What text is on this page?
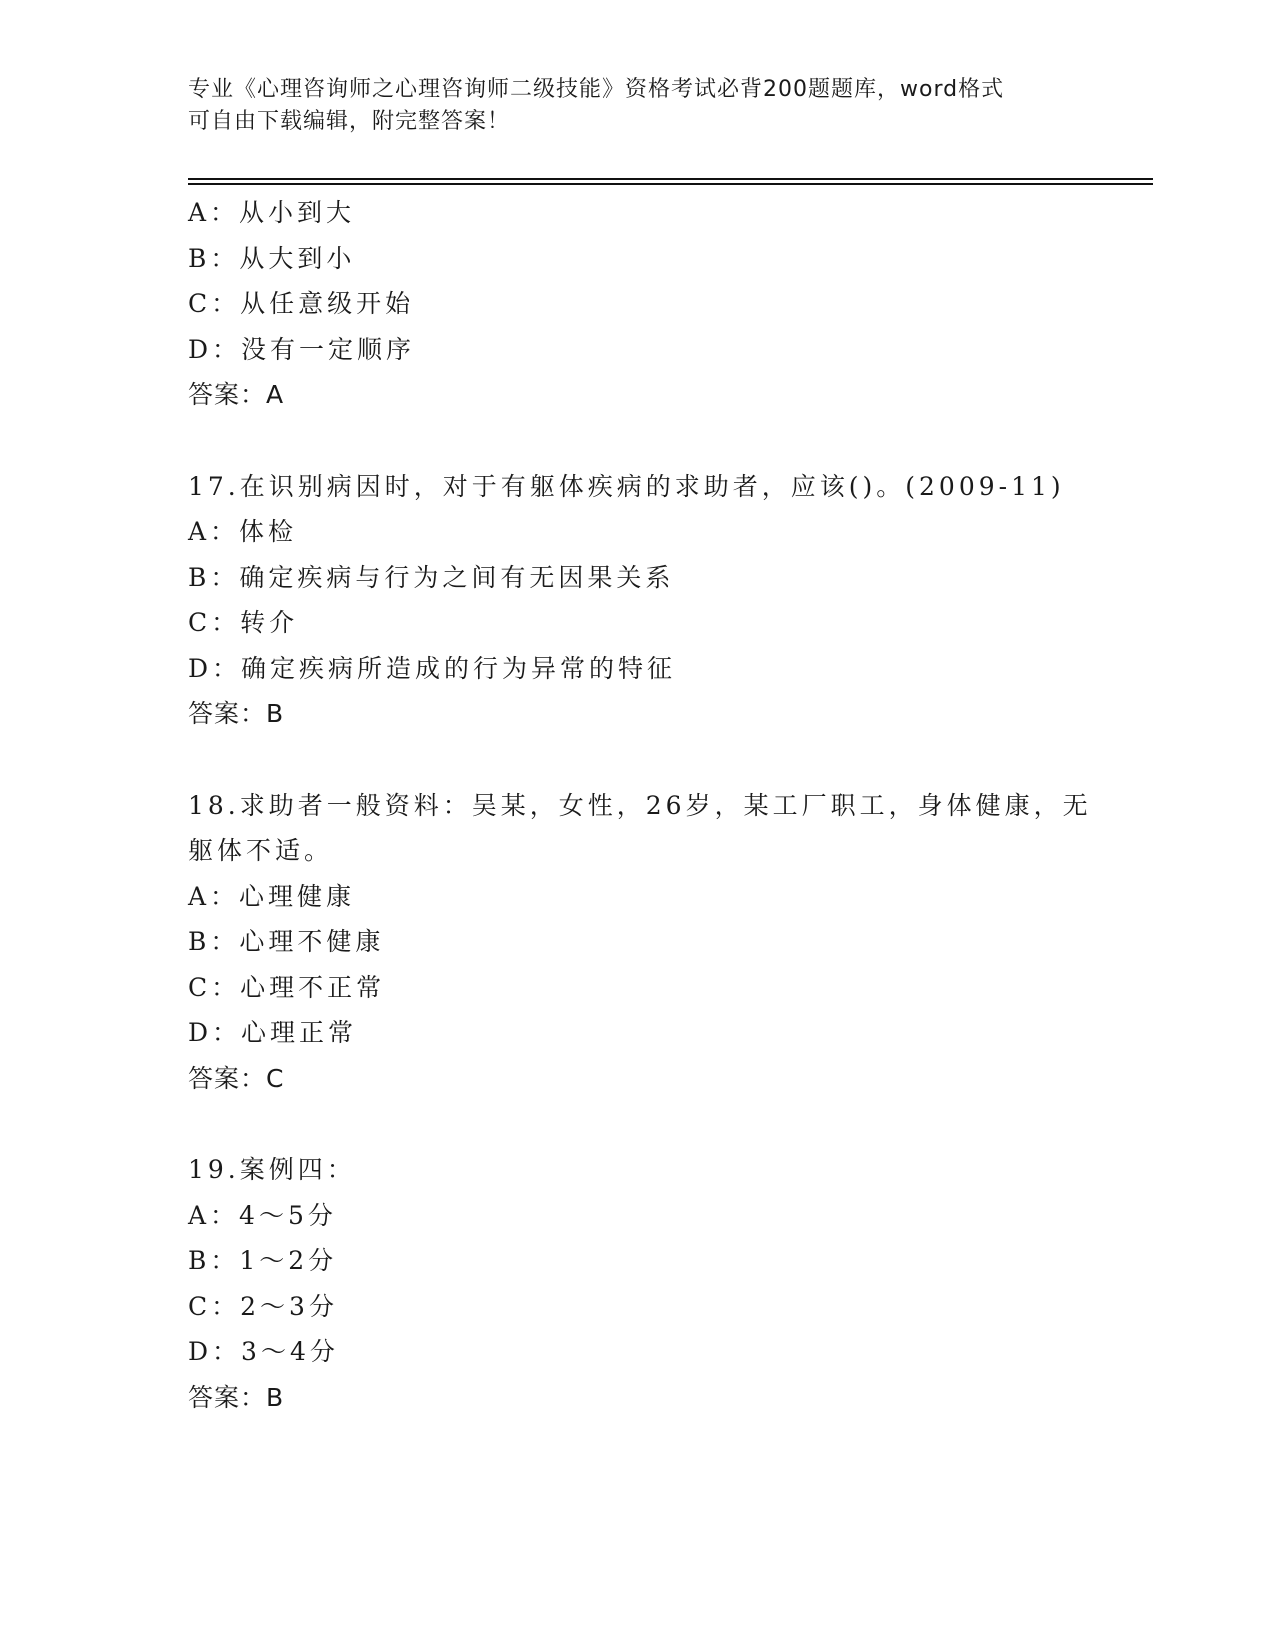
专业《心理咨询师之心理咨询师二级技能》资格考试必背200题题库，word格式
可自由下载编辑，附完整答案！
A：从小到大
B：从大到小
C：从任意级开始
D：没有一定顺序
答案：A
17.在识别病因时，对于有躯体疾病的求助者，应该()。(2009-11)
A：体检
B：确定疾病与行为之间有无因果关系
C：转介
D：确定疾病所造成的行为异常的特征
答案：B
18.求助者一般资料：吴某，女性，26岁，某工厂职工，身体健康，无
躯体不适。
A：心理健康
B：心理不健康
C：心理不正常
D：心理正常
答案：C
19.案例四：
A：4～5分
B：1～2分
C：2～3分
D：3～4分
答案：B
